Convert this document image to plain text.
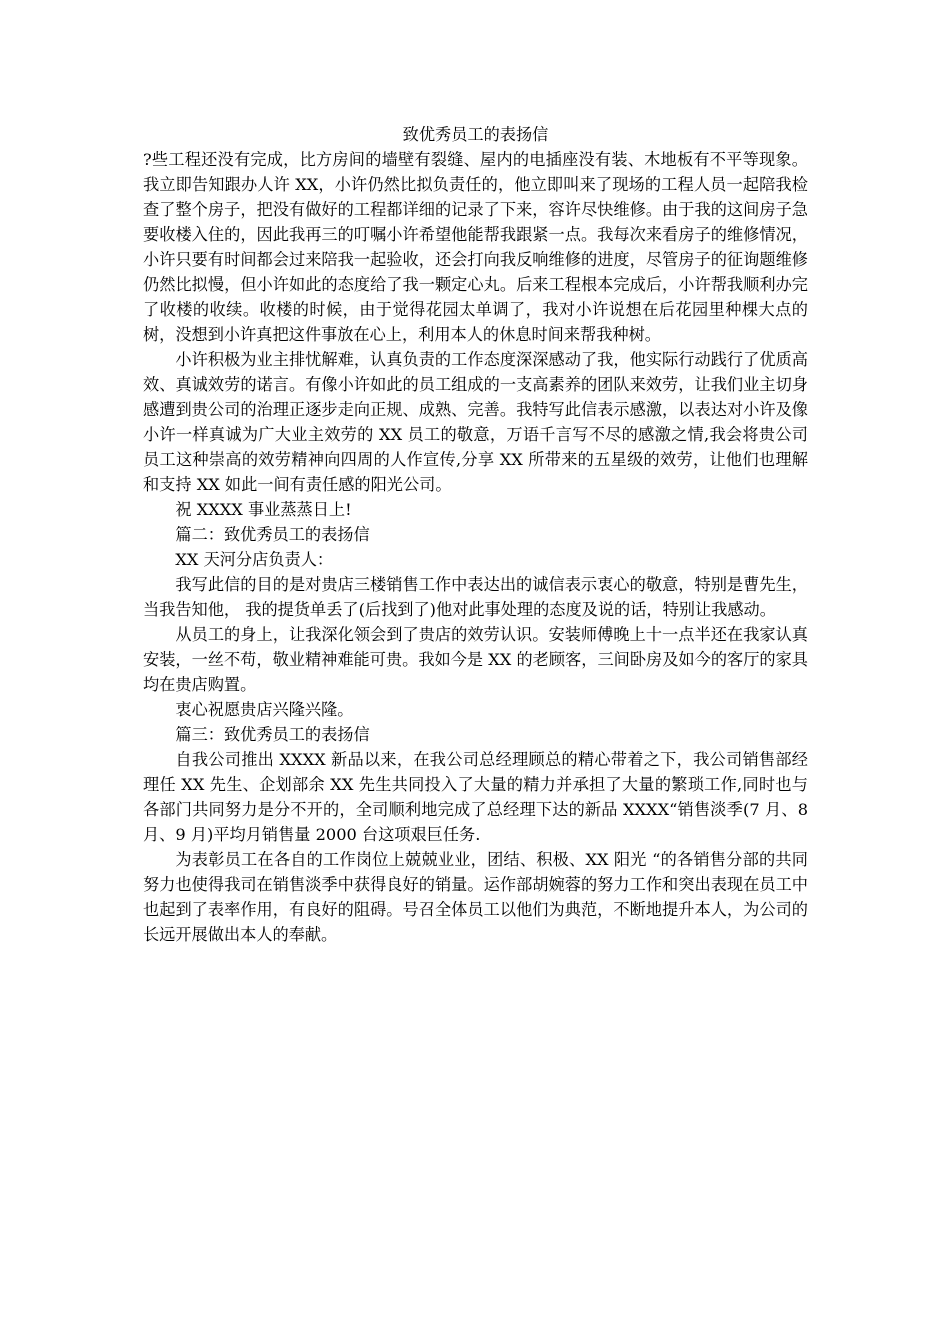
致优秀员工的表扬信

?些工程还没有完成，比方房间的墙壁有裂缝、屋内的电插座没有装、木地板有不平等现象。我立即告知跟办人许 XX，小许仍然比拟负责任的，他立即叫来了现场的工程人员一起陪我检查了整个房子，把没有做好的工程都详细的记录了下来，容许尽快维修。由于我的这间房子急要收楼入住的，因此我再三的叮嘱小许希望他能帮我跟紧一点。我每次来看房子的维修情况，小许只要有时间都会过来陪我一起验收，还会打向我反响维修的进度，尽管房子的征询题维修仍然比拟慢，但小许如此的态度给了我一颗定心丸。后来工程根本完成后，小许帮我顺利办完了收楼的收续。收楼的时候，由于觉得花园太单调了，我对小许说想在后花园里种棵大点的树，没想到小许真把这件事放在心上，利用本人的休息时间来帮我种树。

小许积极为业主排忧解难，认真负责的工作态度深深感动了我，他实际行动践行了优质高效、真诚效劳的诺言。有像小许如此的员工组成的一支高素养的团队来效劳，让我们业主切身感遭到贵公司的治理正逐步走向正规、成熟、完善。我特写此信表示感激，以表达对小许及像小许一样真诚为广大业主效劳的 XX 员工的敬意，万语千言写不尽的感激之情,我会将贵公司员工这种崇高的效劳精神向四周的人作宣传,分享 XX 所带来的五星级的效劳，让他们也理解和支持 XX 如此一间有责任感的阳光公司。

祝 XXXX 事业蒸蒸日上!

篇二：致优秀员工的表扬信

XX 天河分店负责人：

我写此信的目的是对贵店三楼销售工作中表达出的诚信表示衷心的敬意，特别是曹先生，当我告知他， 我的提货单丢了(后找到了)他对此事处理的态度及说的话，特别让我感动。

从员工的身上，让我深化领会到了贵店的效劳认识。安装师傅晚上十一点半还在我家认真安装，一丝不苟，敬业精神难能可贵。我如今是 XX 的老顾客，三间卧房及如今的客厅的家具均在贵店购置。

衷心祝愿贵店兴隆兴隆。

篇三：致优秀员工的表扬信

自我公司推出 XXXX 新品以来，在我公司总经理顾总的精心带着之下，我公司销售部经理任 XX 先生、企划部余 XX 先生共同投入了大量的精力并承担了大量的繁琐工作,同时也与各部门共同努力是分不开的，全司顺利地完成了总经理下达的新品 XXXX“销售淡季(7 月、8 月、9 月)平均月销售量 2000 台这项艰巨任务.

为表彰员工在各自的工作岗位上兢兢业业，团结、积极、XX 阳光 “的各销售分部的共同努力也使得我司在销售淡季中获得良好的销量。运作部胡婉蓉的努力工作和突出表现在员工中也起到了表率作用，有良好的阻碍。号召全体员工以他们为典范，不断地提升本人，为公司的长远开展做出本人的奉献。
